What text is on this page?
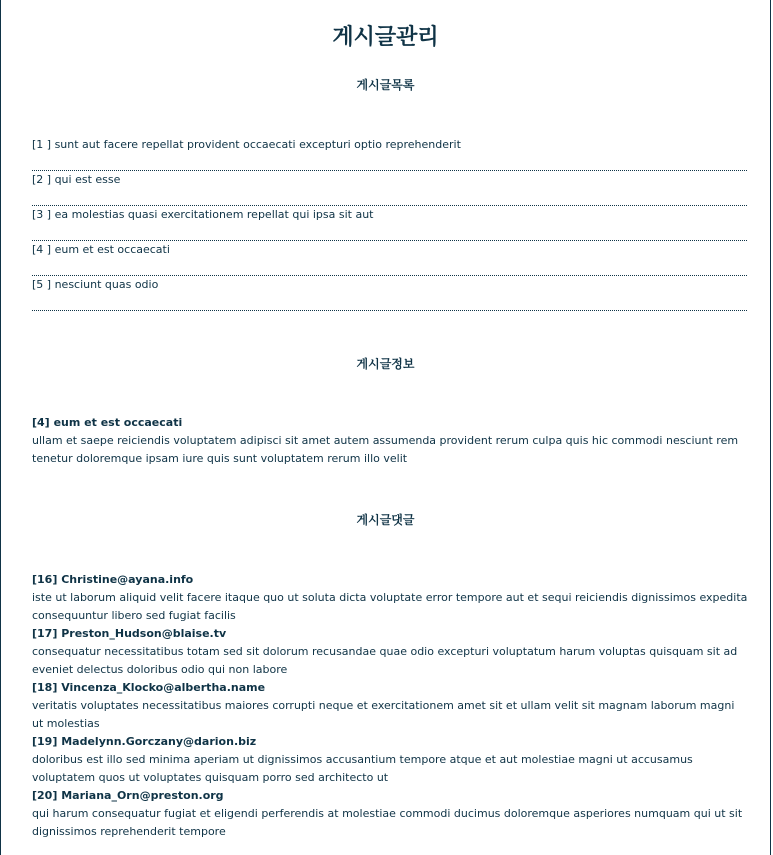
게시글관리
게시글목록
[1 ] sunt aut facere repellat provident occaecati excepturi optio reprehenderit
[2 ] qui est esse
[3 ] ea molestias quasi exercitationem repellat qui ipsa sit aut
[4 ] eum et est occaecati
[5 ] nesciunt quas odio
게시글정보
[4] eum et est occaecati
ullam et saepe reiciendis voluptatem adipisci sit amet autem assumenda provident rerum culpa quis hic commodi nesciunt rem tenetur doloremque ipsam iure quis sunt voluptatem rerum illo velit
게시글댓글
[16] Christine@ayana.info
iste ut laborum aliquid velit facere itaque quo ut soluta dicta voluptate error tempore aut et sequi reiciendis dignissimos expedita consequuntur libero sed fugiat facilis
[17] Preston_Hudson@blaise.tv
consequatur necessitatibus totam sed sit dolorum recusandae quae odio excepturi voluptatum harum voluptas quisquam sit ad eveniet delectus doloribus odio qui non labore
[18] Vincenza_Klocko@albertha.name
veritatis voluptates necessitatibus maiores corrupti neque et exercitationem amet sit et ullam velit sit magnam laborum magni ut molestias
[19] Madelynn.Gorczany@darion.biz
doloribus est illo sed minima aperiam ut dignissimos accusantium tempore atque et aut molestiae magni ut accusamus voluptatem quos ut voluptates quisquam porro sed architecto ut
[20] Mariana_Orn@preston.org
qui harum consequatur fugiat et eligendi perferendis at molestiae commodi ducimus doloremque asperiores numquam qui ut sit dignissimos reprehenderit tempore
